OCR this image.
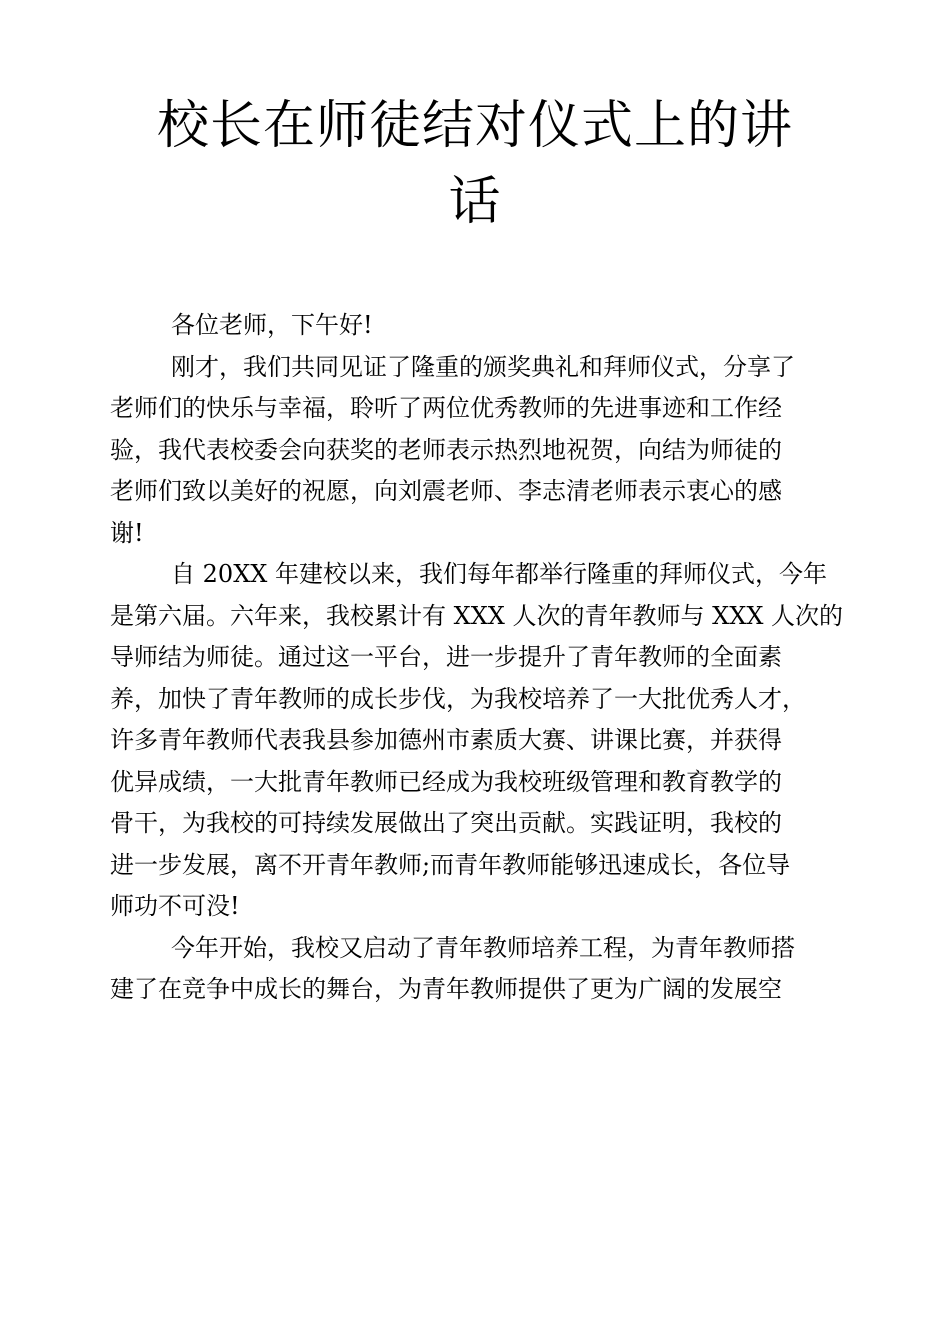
校长在师徒结对仪式上的讲
话

各位老师，下午好!

刚才，我们共同见证了隆重的颁奖典礼和拜师仪式，分享了
老师们的快乐与幸福，聆听了两位优秀教师的先进事迹和工作经
验，我代表校委会向获奖的老师表示热烈地祝贺，向结为师徒的
老师们致以美好的祝愿，向刘震老师、李志清老师表示衷心的感
谢!

自 20XX 年建校以来，我们每年都举行隆重的拜师仪式，今年
是第六届。六年来，我校累计有 XXX 人次的青年教师与 XXX 人次的
导师结为师徒。通过这一平台，进一步提升了青年教师的全面素
养，加快了青年教师的成长步伐，为我校培养了一大批优秀人才，
许多青年教师代表我县参加德州市素质大赛、讲课比赛，并获得
优异成绩，一大批青年教师已经成为我校班级管理和教育教学的
骨干，为我校的可持续发展做出了突出贡献。实践证明，我校的
进一步发展，离不开青年教师;而青年教师能够迅速成长，各位导
师功不可没!

今年开始，我校又启动了青年教师培养工程，为青年教师搭
建了在竞争中成长的舞台，为青年教师提供了更为广阔的发展空
